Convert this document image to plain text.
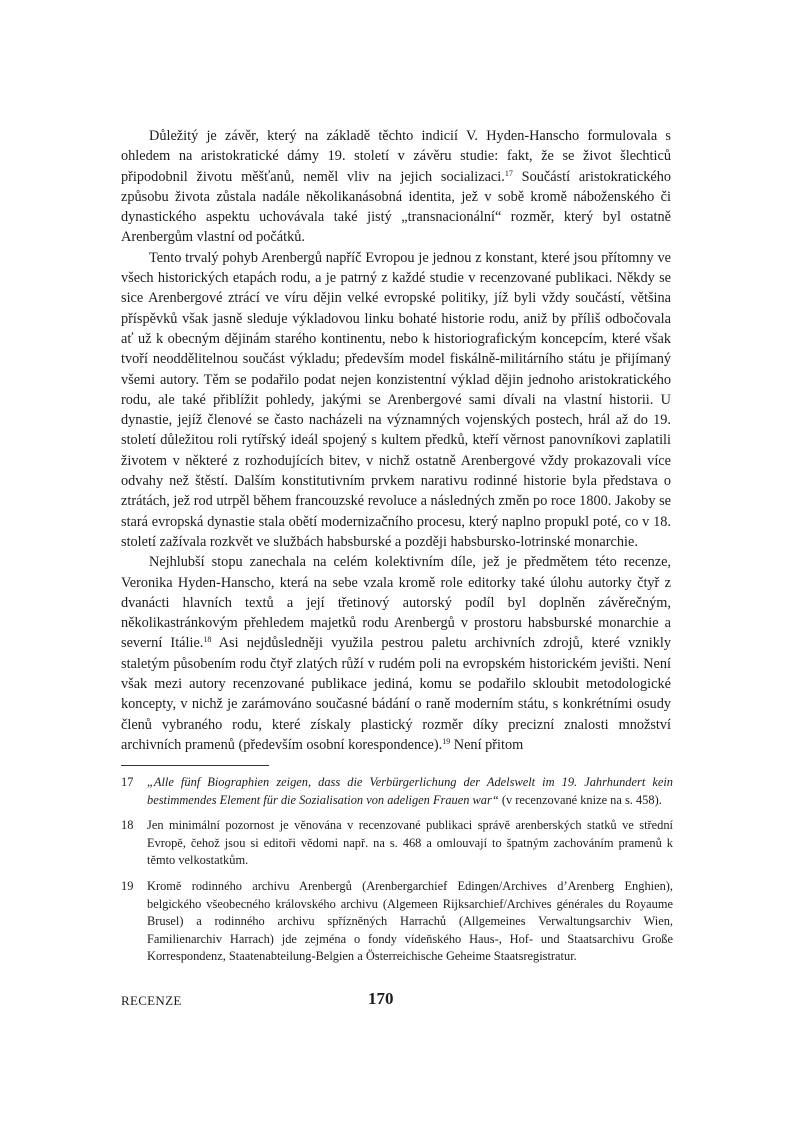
Důležitý je závěr, který na základě těchto indicií V. Hyden-Hanscho formulovala s ohledem na aristokratické dámy 19. století v závěru studie: fakt, že se život šlechticů připodobnil životu měšťanů, neměl vliv na jejich socializaci.$^{17}$ Součástí aristokratického způsobu života zůstala nadále několikanásobná identita, jež v sobě kromě náboženského či dynastického aspektu uchovávala také jistý „transnacionální“ rozměr, který byl ostatně Arenbergům vlastní od počátků.

Tento trvalý pohyb Arenbergů napříč Evropou je jednou z konstant, které jsou přítomny ve všech historických etapách rodu, a je patrný z každé studie v recenzované publikaci. Někdy se sice Arenbergové ztrácí ve víru dějin velké evropské politiky, jíž byli vždy součástí, většina příspěvků však jasně sleduje výkladovou linku bohaté historie rodu, aniž by příliš odbočovala ať už k obecným dějinám starého kontinentu, nebo k historiografickým koncepcím, které však tvoří neoddělitelnou součást výkladu; především model fiskálně-militárního státu je přijímaný všemi autory. Těm se podařilo podat nejen konzistentní výklad dějin jednoho aristokratického rodu, ale také přiblížit pohledy, jakými se Arenbergové sami dívali na vlastní historii. U dynastie, jejíž členové se často nacházeli na významných vojenských postech, hrál až do 19. století důležitou roli rytířský ideál spojený s kultem předků, kteří věrnost panovníkovi zaplatili životem v některé z rozhodujících bitev, v nichž ostatně Arenbergové vždy prokazovali více odvahy než štěstí. Dalším konstitutivním prvkem narativu rodinné historie byla představa o ztrátách, jež rod utrpěl během francouzské revoluce a následných změn po roce 1800. Jakoby se stará evropská dynastie stala obětí modernizačního procesu, který naplno propukl poté, co v 18. století zažívala rozkvět ve službách habsburské a později habsbursko-lotrinské monarchie.

Nejhlubší stopu zanechala na celém kolektivním díle, jež je předmětem této recenze, Veronika Hyden-Hanscho, která na sebe vzala kromě role editorky také úlohu autorky čtyř z dvanácti hlavních textů a její třetinový autorský podíl byl doplněn závěrečným, několikastránkovým přehledem majetků rodu Arenbergů v prostoru habsburské monarchie a severní Itálie.$^{18}$ Asi nejdůsledněji využila pestrou paletu archivních zdrojů, které vznikly staletým působením rodu čtyř zlatých růží v rudém poli na evropském historickém jevišti. Není však mezi autory recenzované publikace jediná, komu se podařilo skloubit metodologické koncepty, v nichž je zarámováno současné bádání o raně moderním státu, s konkrétními osudy členů vybraného rodu, které získaly plastický rozměr díky precizní znalosti množství archivních pramenů (především osobní korespondence).$^{19}$ Není přitom

17 „Alle fünf Biographien zeigen, dass die Verbürgerlichung der Adelswelt im 19. Jahrhundert kein bestimmendes Element für die Sozialisation von adeligen Frauen war“ (v recenzované knize na s. 458).
18 Jen minimální pozornost je věnována v recenzované publikaci správě arenberských statků ve střední Evropě, čehož jsou si editoři vědomi např. na s. 468 a omlouvají to špatným zachováním pramenů k těmto velkostatkům.
19 Kromě rodinného archivu Arenbergů (Arenbergarchief Edingen/Archives d’Arenberg Enghien), belgického všeobecného královského archivu (Algemeen Rijksarchief/Archives générales du Royaume Brusel) a rodinného archivu spřízněných Harrachů (Allgemeines Verwaltungsarchiv Wien, Familienarchiv Harrach) jde zejména o fondy vídeňského Haus-, Hof- und Staatsarchivu Große Korrespondenz, Staatenabteilung-Belgien a Österreichische Geheime Staatsregistratur.
RECENZE	170
